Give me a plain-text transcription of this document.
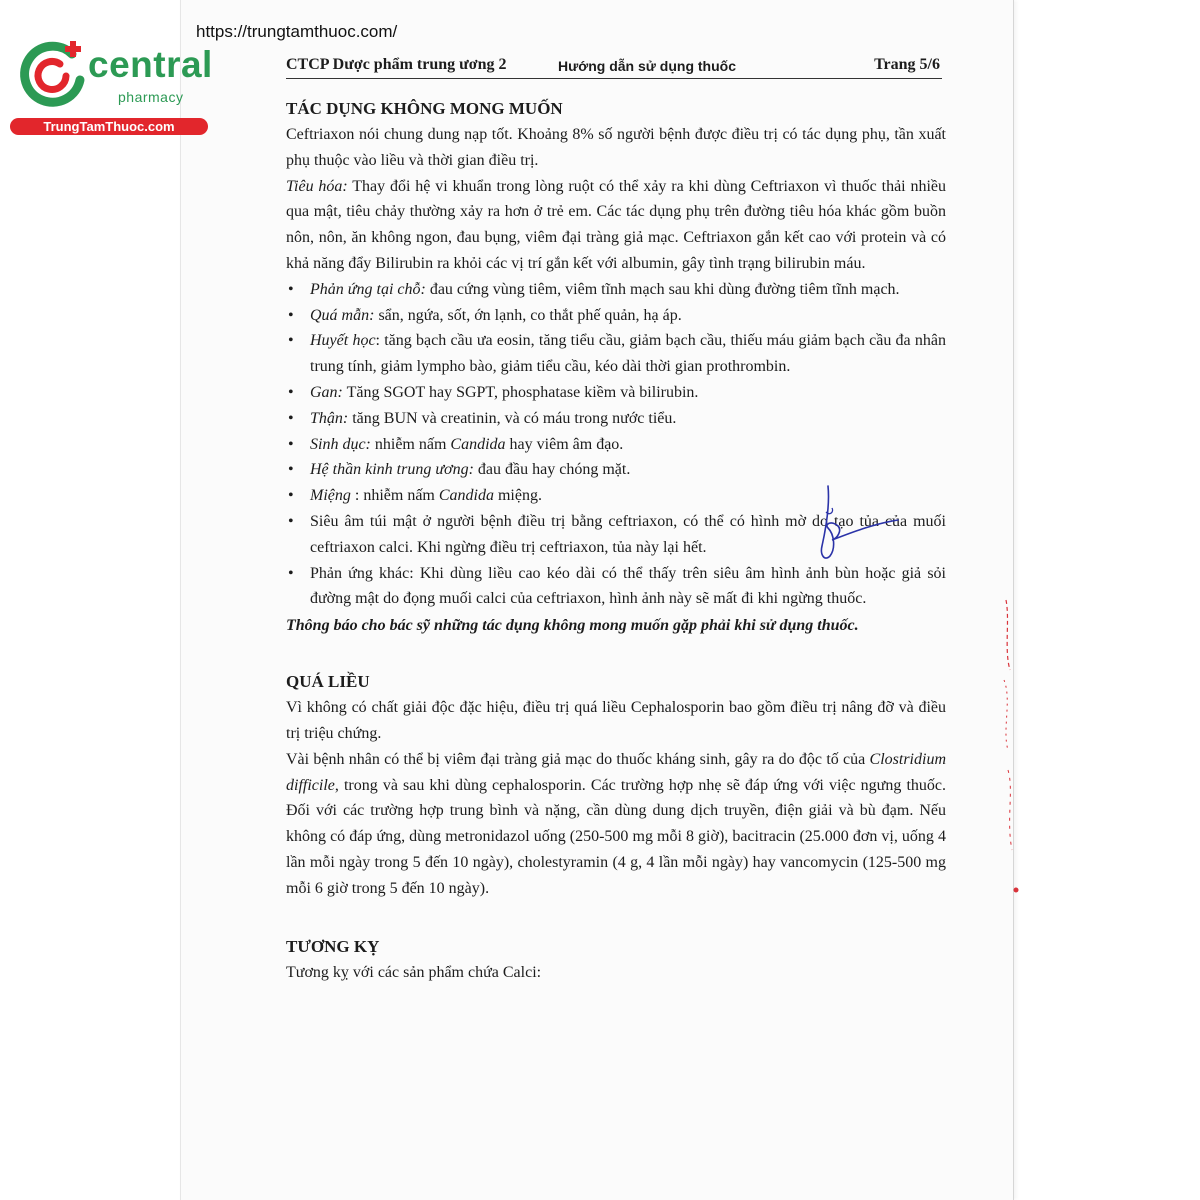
https://trungtamthuoc.com/
central
pharmacy
TrungTamThuoc.com
CTCP Dược phẩm trung ương 2	Hướng dẫn sử dụng thuốc	Trang 5/6
TÁC DỤNG KHÔNG MONG MUỐN

Ceftriaxon nói chung dung nạp tốt. Khoảng 8% số người bệnh được điều trị có tác dụng phụ, tần xuất phụ thuộc vào liều và thời gian điều trị.

Tiêu hóa: Thay đổi hệ vi khuẩn trong lòng ruột có thể xảy ra khi dùng Ceftriaxon vì thuốc thải nhiều qua mật, tiêu chảy thường xảy ra hơn ở trẻ em. Các tác dụng phụ trên đường tiêu hóa khác gồm buồn nôn, nôn, ăn không ngon, đau bụng, viêm đại tràng giả mạc. Ceftriaxon gắn kết cao với protein và có khả năng đẩy Bilirubin ra khỏi các vị trí gắn kết với albumin, gây tình trạng bilirubin máu.

• Phản ứng tại chỗ: đau cứng vùng tiêm, viêm tĩnh mạch sau khi dùng đường tiêm tĩnh mạch.

• Quá mẫn: sẩn, ngứa, sốt, ớn lạnh, co thắt phế quản, hạ áp.

• Huyết học: tăng bạch cầu ưa eosin, tăng tiểu cầu, giảm bạch cầu, thiếu máu giảm bạch cầu đa nhân trung tính, giảm lympho bào, giảm tiểu cầu, kéo dài thời gian prothrombin.

• Gan: Tăng SGOT hay SGPT, phosphatase kiềm và bilirubin.

• Thận: tăng BUN và creatinin, và có máu trong nước tiểu.

• Sinh dục: nhiễm nấm Candida hay viêm âm đạo.

• Hệ thần kinh trung ương: đau đầu hay chóng mặt.

• Miệng : nhiễm nấm Candida miệng.

• Siêu âm túi mật ở người bệnh điều trị bằng ceftriaxon, có thể có hình mờ do tạo tủa của muối ceftriaxon calci. Khi ngừng điều trị ceftriaxon, tủa này lại hết.

• Phản ứng khác: Khi dùng liều cao kéo dài có thể thấy trên siêu âm hình ảnh bùn hoặc giả sỏi đường mật do đọng muối calci của ceftriaxon, hình ảnh này sẽ mất đi khi ngừng thuốc.

Thông báo cho bác sỹ những tác dụng không mong muốn gặp phải khi sử dụng thuốc.
QUÁ LIỀU

Vì không có chất giải độc đặc hiệu, điều trị quá liều Cephalosporin bao gồm điều trị nâng đỡ và điều trị triệu chứng.

Vài bệnh nhân có thể bị viêm đại tràng giả mạc do thuốc kháng sinh, gây ra do độc tố của Clostridium difficile, trong và sau khi dùng cephalosporin. Các trường hợp nhẹ sẽ đáp ứng với việc ngưng thuốc. Đối với các trường hợp trung bình và nặng, cần dùng dung dịch truyền, điện giải và bù đạm. Nếu không có đáp ứng, dùng metronidazol uống (250-500 mg mỗi 8 giờ), bacitracin (25.000 đơn vị, uống 4 lần mỗi ngày trong 5 đến 10 ngày), cholestyramin (4 g, 4 lần mỗi ngày) hay vancomycin (125-500 mg mỗi 6 giờ trong 5 đến 10 ngày).

TƯƠNG KỴ

Tương kỵ với các sản phẩm chứa Calci:
